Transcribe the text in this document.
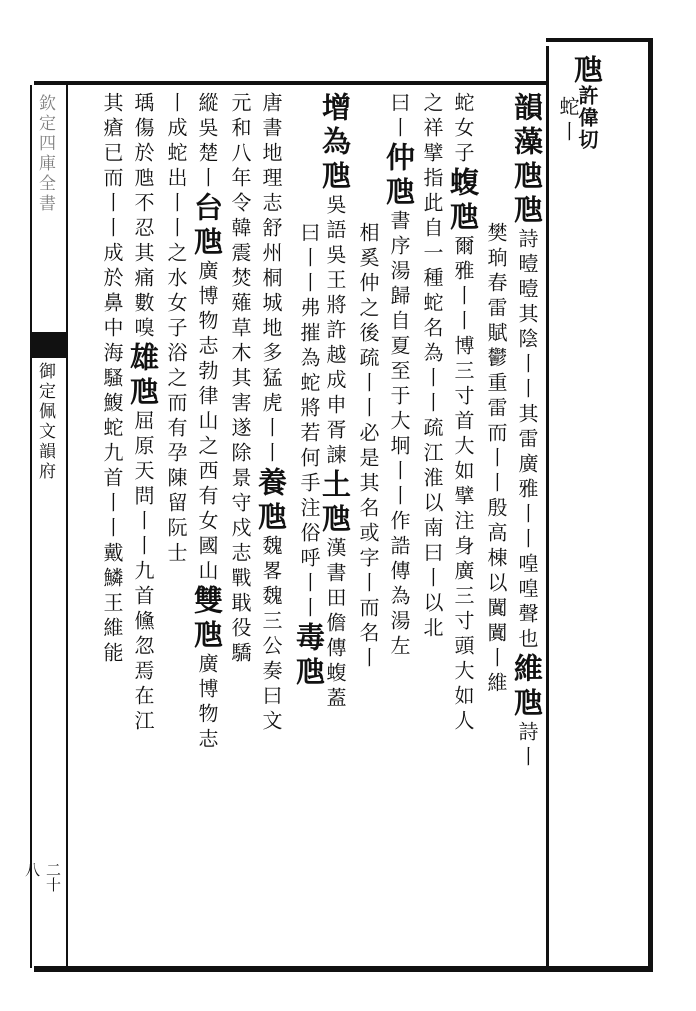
欽定四庫全書
御定佩文韻府
二十八
虺許偉切
蛇丨
韻藻虺虺詩曀曀其陰丨丨其雷廣雅丨丨喤喤聲也維虺詩丨
樊珦春雷賦鬱重雷而丨丨殷高棟以闐闐丨維
蛇女子蝮虺爾雅丨丨博三寸首大如擘注身廣三寸頭大如人
之祥擘指此自一種蛇名為丨丨疏江淮以南曰丨以北
曰丨仲虺書序湯歸自夏至于大坰丨丨作誥傳為湯左
相奚仲之後疏丨丨必是其名或字丨而名丨
增為虺吳語吳王將許越成申胥諫土虺漢書田儋傳蝮蓋
曰丨丨弗摧為蛇將若何手注俗呼丨丨毒虺
唐書地理志舒州桐城地多猛虎丨丨養虺魏畧魏三公奏曰文
元和八年令韓震焚薙草木其害遂除景守戍志戰戢役驕
縱吳楚丨台虺廣博物志勃律山之西有女國山雙虺廣博物志
丨成蛇出丨丨之水女子浴之而有孕陳留阮士
瑀傷於虺不忍其痛數嗅雄虺屈原天問丨丨九首儵忽焉在江
其瘡已而丨丨成於鼻中海騷鰒蛇九首丨丨戴鱗王維能
